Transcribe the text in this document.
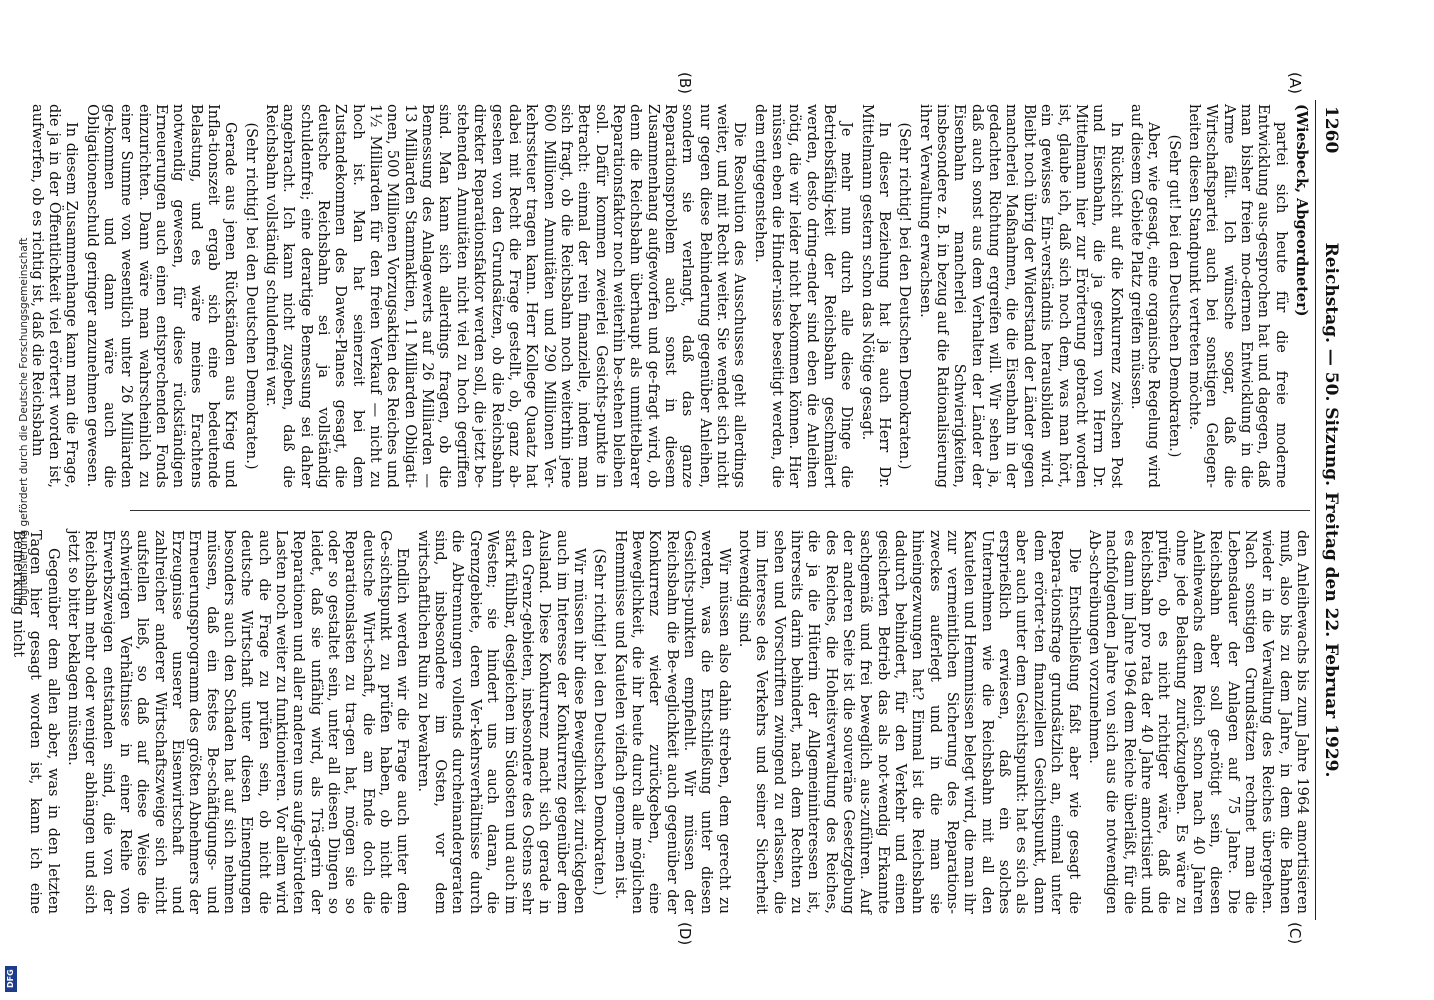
1260
Reichstag. — 50. Sitzung. Freitag den 22. Februar 1929.
(A)
(B)
(C)
(D)

(Wiesbeck, Abgeordneter)

partei sich heute für die freie moderne Entwicklung aus-gesprochen hat und dagegen, daß man bisher freien mo-dernen Entwicklung in die Arme fällt. Ich wünsche sogar, daß die Wirtschaftspartei auch bei sonstigen Gelegen-heiten diesen Standpunkt vertreten möchte.

(Sehr gut! bei den Deutschen Demokraten.)

Aber, wie gesagt, eine organische Regelung wird auf diesem Gebiete Platz greifen müssen.

In Rücksicht auf die Konkurrenz zwischen Post und Eisenbahn, die ja gestern von Herrn Dr. Mittelmann hier zur Erörterung gebracht worden ist, glaube ich, daß sich noch dem, was man hört, ein gewisses Ein-verständnis herausbilden wird. Bleibt noch übrig der Widerstand der Länder gegen mancherlei Maßnahmen, die die Eisenbahn in der gedachten Richtung ergreifen will. Wir sehen ja, daß auch sonst aus dem Verhalten der Länder der Eisenbahn mancherlei Schwierigkeiten, insbesondere z. B. in bezug auf die Rationalisierung ihrer Verwaltung erwachsen.

(Sehr richtig! bei den Deutschen Demokraten.)

In dieser Beziehung hat ja auch Herr Dr. Mittelmann gestern schon das Nötige gesagt.

Je mehr nun durch alle diese Dinge die Betriebsfähig-keit der Reichsbahn geschmälert werden, desto dring-ender sind eben die Anleihen nötig, die wir leider nicht bekommen können. Hier müssen eben die Hinder-nisse beseitigt werden, die dem entgegenstehen.

Die Resolution des Ausschusses geht allerdings weiter, und mit Recht weiter. Sie wendet sich nicht nur gegen diese Behinderung gegenüber Anleihen, sondern sie verlangt, daß das ganze Reparationsproblem auch sonst in diesem Zusammenhang aufgeworfen und ge-fragt wird, ob denn die Reichsbahn überhaupt als unmittelbarer Reparationsfaktor noch weiterhin be-stehen bleiben soll. Dafür kommen zweierlei Gesichts-punkte in Betracht: einmal der rein finanzielle, indem man sich fragt, ob die Reichsbahn noch weiterhin jene 600 Millionen Annuitäten und 290 Millionen Ver-kehrssteuer tragen kann. Herr Kollege Quaatz hat dabei mit Recht die Frage gestellt, ob, ganz ab-gesehen von den Grundsätzen, ob die Reichsbahn direkter Reparationsfaktor werden soll, die jetzt be-stehenden Annuitäten nicht viel zu hoch gegriffen sind. Man kann sich allerdings fragen, ob die Bemessung des Anlagewerts auf 26 Milliarden — 13 Milliarden Stammaktien, 11 Milliarden Obligati-onen, 500 Millionen Vorzugsaktien des Reiches und 1½ Milliarden für den freien Verkauf — nicht zu hoch ist. Man hat seinerzeit bei dem Zustandekommen des Dawes-Planes gesagt, die deutsche Reichsbahn sei ja vollständig schuldenfrei; eine derartige Bemessung sei daher angebracht. Ich kann nicht zugeben, daß die Reichsbahn vollständig schuldenfrei war.

(Sehr richtig! bei den Deutschen Demokraten.)

Gerade aus jenen Rückständen aus Krieg und Infla-tionszeit ergab sich eine bedeutende Belastung, und es wäre meines Erachtens notwendig gewesen, für diese rückständigen Erneuerungen auch einen entsprechenden Fonds einzurichten. Dann wäre man wahrscheinlich zu einer Summe von wesentlich unter 26 Milliarden ge-kommen und dann wäre auch die Obligationenschuld geringer anzunehmen gewesen.

In diesem Zusammenhange kann man die Frage, die ja in der Öffentlichkeit viel erörtert worden ist, aufwerfen, ob es richtig ist, daß die Reichsbahn

den Anleihewachs bis zum Jahre 1964 amortisieren muß, also bis zu dem Jahre, in dem die Bahnen wieder in die Verwaltung des Reiches übergehen. Nach sonstigen Grundsätzen rechnet man die Lebensdauer der Anlagen auf 75 Jahre. Die Reichsbahn aber soll ge-nötigt sein, diesen Anleihewachs dem Reich schon nach 40 Jahren ohne jede Belastung zurückzugeben. Es wäre zu prüfen, ob es nicht richtiger wäre, daß die Reichsbahn pro rata der 40 Jahre amortisiert und es dann im Jahre 1964 dem Reiche überläßt, für die nachfolgenden Jahre von sich aus die notwendigen Ab-schreibungen vorzunehmen.

Die Entschließung faßt aber wie gesagt die Repara-tionsfrage grundsätzlich an, einmal unter dem erörter-ten finanziellen Gesichtspunkt, dann aber auch unter dem Gesichtspunkt: hat es sich als ersprießlich erwiesen, daß ein solches Unternehmen wie die Reichsbahn mit all den Kautelen und Hemmnissen belegt wird, die man ihr zur vermeintlichen Sicherung des Reparations-zweckes auferlegt und in die man sie hineingezwungen hat? Einmal ist die Reichsbahn dadurch behindert, für den Verkehr und einen gesicherten Betrieb das als not-wendig Erkannte sachgemäß und frei beweglich aus-zuführen. Auf der anderen Seite ist die souveräne Gesetzgebung des Reiches, die Hoheitsverwaltung des Reiches, die ja die Hüterin der Allgemeininteressen ist, ihrerseits darin behindert, nach dem Rechten zu sehen und Vorschriften zwingend zu erlassen, die im Interesse des Verkehrs und seiner Sicherheit notwendig sind.

Wir müssen also dahin streben, dem gerecht zu werden, was die Entschließung unter diesen Gesichts-punkten empfiehlt. Wir müssen der Reichsbahn die Be-weglichkeit auch gegenüber der Konkurrenz wieder zurückgeben, eine Beweglichkeit, die ihr heute durch alle möglichen Hemmnisse und Kautelen vielfach genom-men ist.

(Sehr richtig! bei den Deutschen Demokraten.)

Wir müssen ihr diese Beweglichkeit zurückgeben auch im Interesse der Konkurrenz gegenüber dem Ausland. Diese Konkurrenz macht sich gerade in den Grenz-gebieten, insbesondere des Ostens sehr stark fühlbar, desgleichen im Südosten und auch im Westen; sie hindert uns auch daran, die Grenzgebiete, deren Ver-kehrsverhältnisse durch die Abtrennungen vollends durcheinandergeraten sind, insbesondere im Osten, vor dem wirtschaftlichen Ruin zu bewahren.

Endlich werden wir die Frage auch unter dem Ge-sichtspunkt zu prüfen haben, ob nicht die deutsche Wirt-schaft, die am Ende doch die Reparationslasten zu tra-gen hat, mögen sie so oder so gestaltet sein, unter all diesen Dingen so leidet, daß sie unfähig wird, als Trä-gerin der Reparationen und aller anderen uns aufge-bürdeten Lasten noch weiter zu funktionieren. Vor allem wird auch die Frage zu prüfen sein, ob nicht die deutsche Wirtschaft unter diesen Einengungen besonders auch den Schaden hat auf sich nehmen müssen, daß ein festes Be-schäftigungs- und Erneuerungsprogramm des größten Abnehmers der Erzeugnisse unserer Eisenwirtschaft und zahlreicher anderer Wirtschaftszweige sich nicht aufstellen ließ, so daß auf diese Weise die schwierigen Verhältnisse in einer Reihe von Erwerbszweigen entstanden sind, die von der Reichsbahn mehr oder weniger abhängen und sich jetzt so bitter beklagen müssen.

Gegenüber dem allen aber, was in den letzten Tagen hier gesagt worden ist, kann ich eine Bemerkung nicht

Digitalisierung gefördert durch die Deutsche Forschungsgemeinschaft
DFG
